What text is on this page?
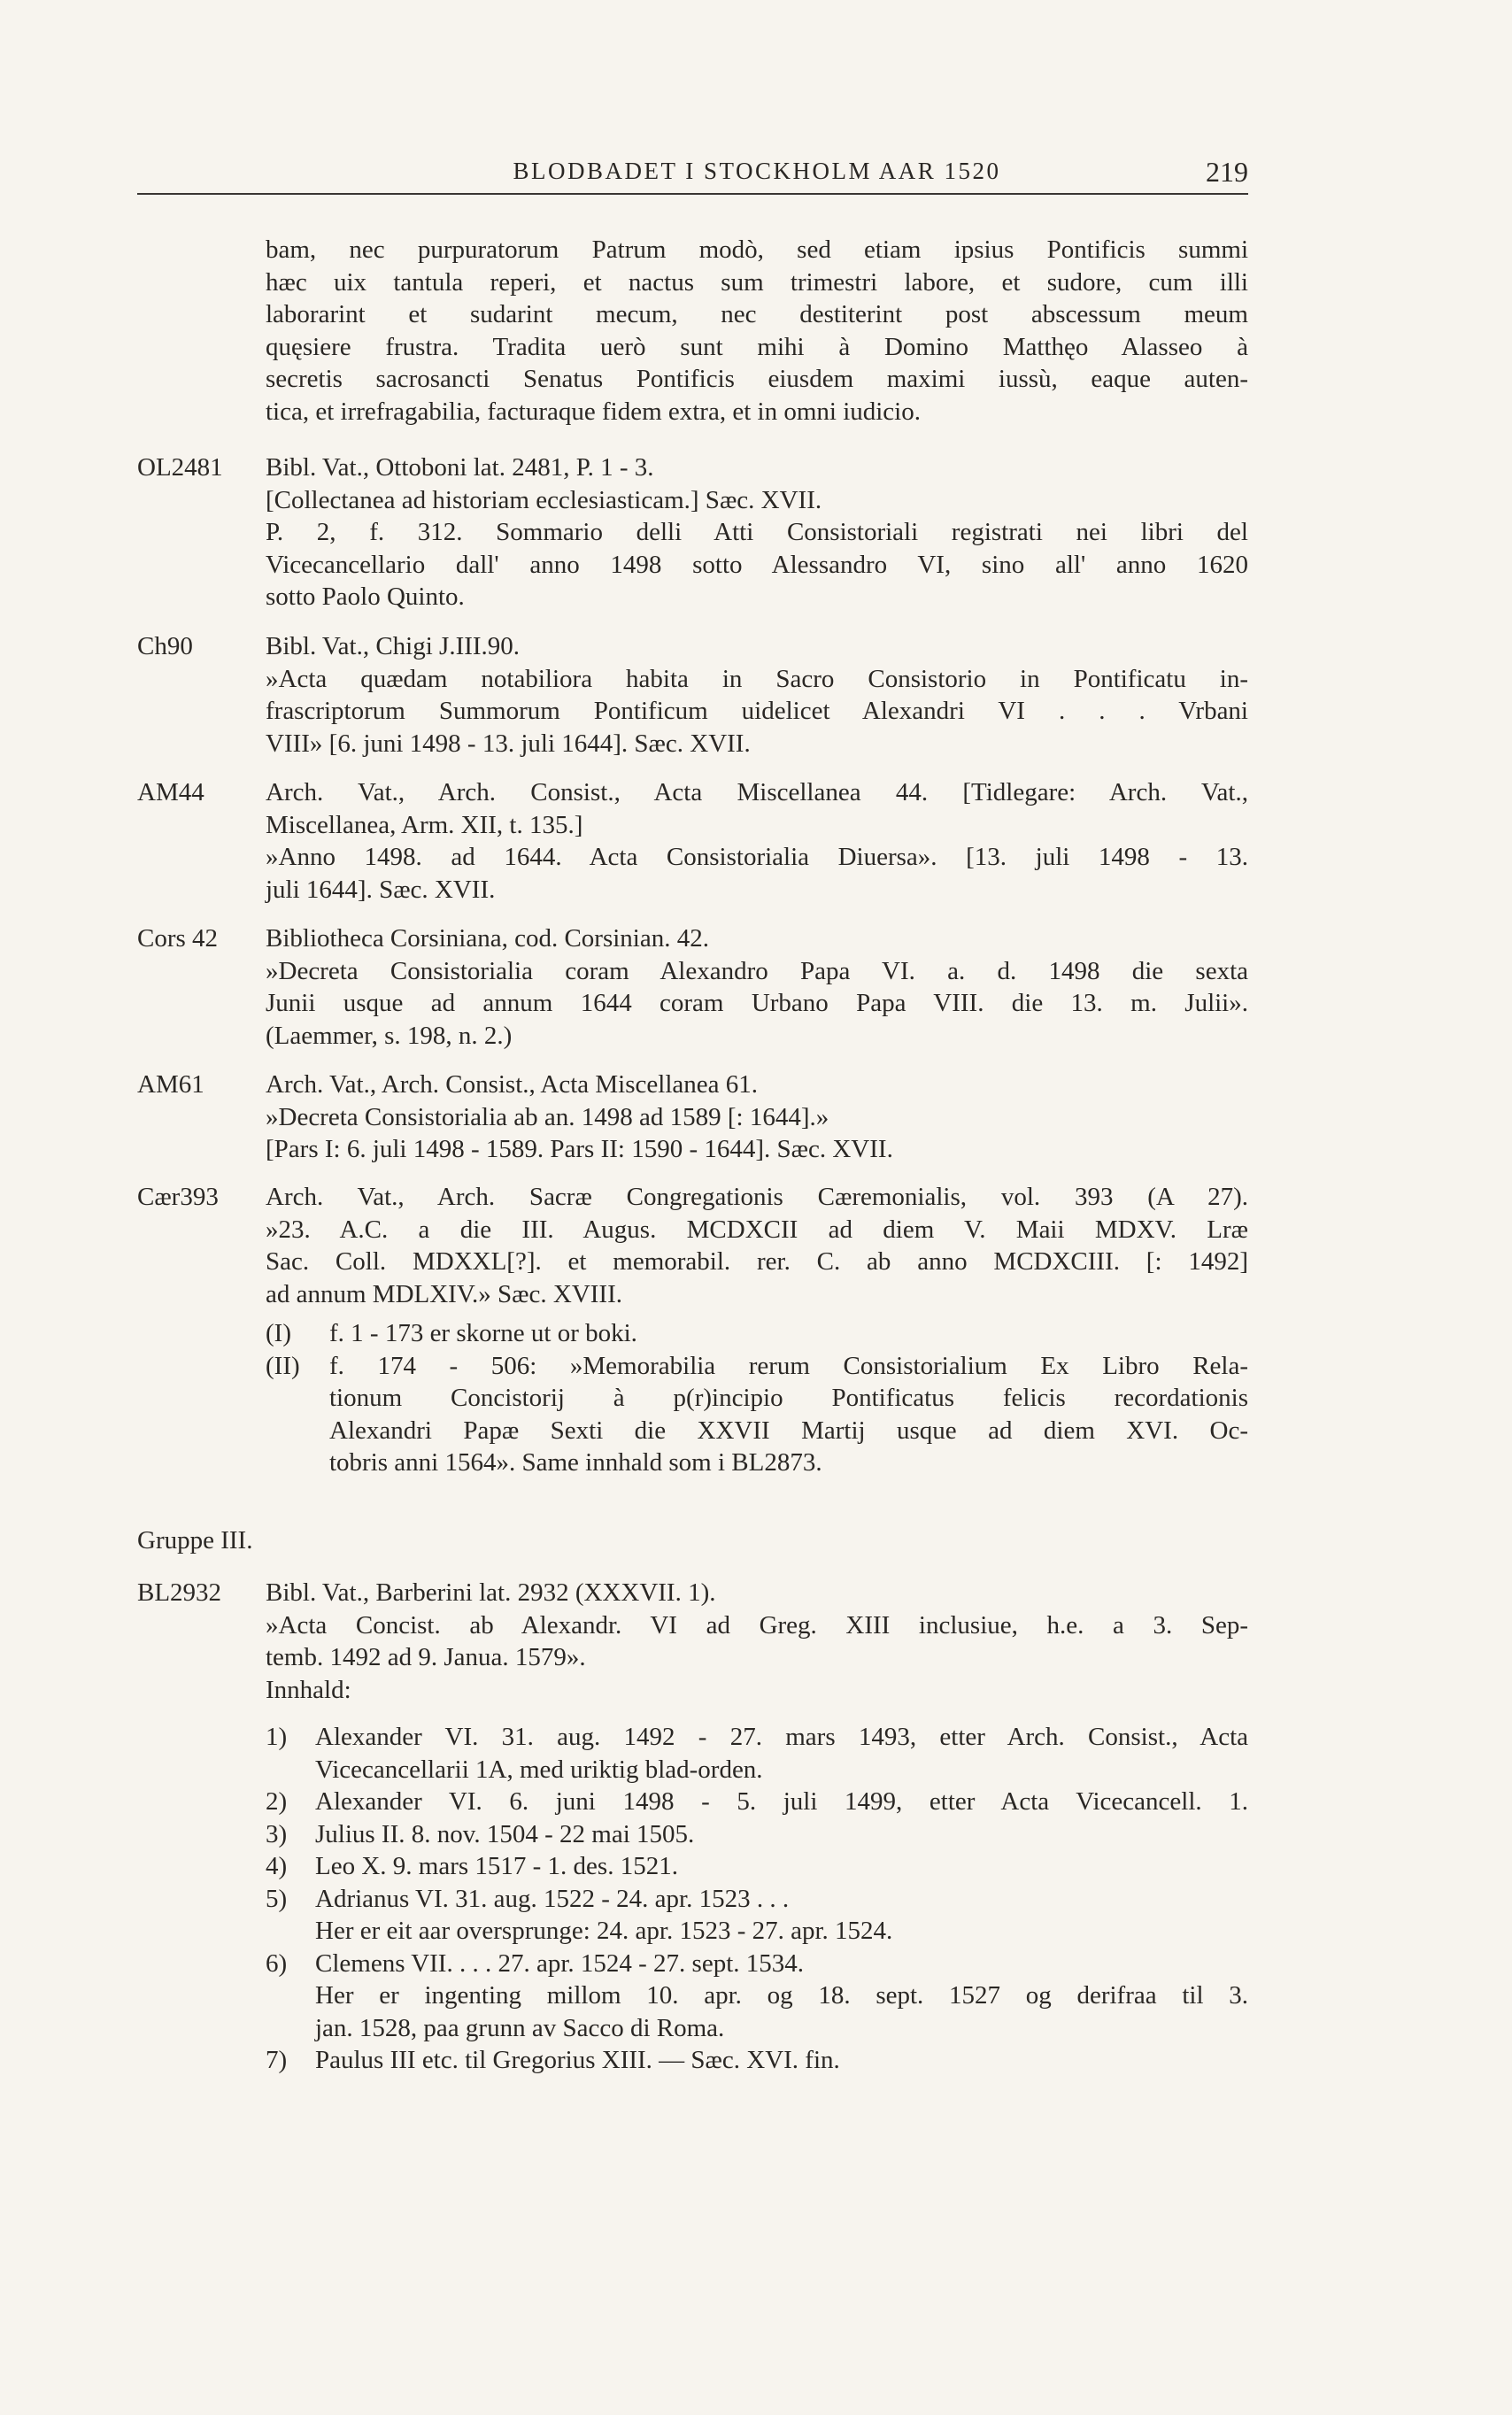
BLODBADET I STOCKHOLM AAR 1520	219
bam, nec purpuratorum Patrum modò, sed etiam ipsius Pontificis summi
hæc uix tantula reperi, et nactus sum trimestri labore, et sudore, cum illi
laborarint et sudarint mecum, nec destiterint post abscessum meum
quęsiere frustra. Tradita uerò sunt mihi à Domino Matthęo Alasseo à
secretis sacrosancti Senatus Pontificis eiusdem maximi iussù, eaque auten-
tica, et irrefragabilia, facturaque fidem extra, et in omni iudicio.
OL2481	Bibl. Vat., Ottoboni lat. 2481, P. 1 - 3.
[Collectanea ad historiam ecclesiasticam.] Sæc. XVII.
P. 2, f. 312. Sommario delli Atti Consistoriali registrati nei libri del
Vicecancellario dall' anno 1498 sotto Alessandro VI, sino all' anno 1620
sotto Paolo Quinto.
Ch90	Bibl. Vat., Chigi J.III.90.
»Acta quædam notabiliora habita in Sacro Consistorio in Pontificatu in-
frascriptorum Summorum Pontificum uidelicet Alexandri VI . . . Vrbani
VIII» [6. juni 1498 - 13. juli 1644]. Sæc. XVII.
AM44	Arch. Vat., Arch. Consist., Acta Miscellanea 44. [Tidlegare: Arch. Vat.,
Miscellanea, Arm. XII, t. 135.]
»Anno 1498. ad 1644. Acta Consistorialia Diuersa». [13. juli 1498 - 13.
juli 1644]. Sæc. XVII.
Cors 42	Bibliotheca Corsiniana, cod. Corsinian. 42.
»Decreta Consistorialia coram Alexandro Papa VI. a. d. 1498 die sexta
Junii usque ad annum 1644 coram Urbano Papa VIII. die 13. m. Julii».
(Laemmer, s. 198, n. 2.)
AM61	Arch. Vat., Arch. Consist., Acta Miscellanea 61.
»Decreta Consistorialia ab an. 1498 ad 1589 [: 1644].»
[Pars I: 6. juli 1498 - 1589. Pars II: 1590 - 1644]. Sæc. XVII.
Cær393	Arch. Vat., Arch. Sacræ Congregationis Cæremonialis, vol. 393 (A 27).
»23. A.C. a die III. Augus. MCDXCII ad diem V. Maii MDXV. Lræ
Sac. Coll. MDXXL[?]. et memorabil. rer. C. ab anno MCDXCIII. [: 1492]
ad annum MDLXIV.» Sæc. XVIII.
(I) f. 1 - 173 er skorne ut or boki.
(II) f. 174 - 506: »Memorabilia rerum Consistorialium Ex Libro Rela-
tionum Concistorij à p(r)incipio Pontificatus felicis recordationis
Alexandri Papæ Sexti die XXVII Martij usque ad diem XVI. Oc-
tobris anni 1564». Same innhald som i BL2873.
Gruppe III.
BL2932	Bibl. Vat., Barberini lat. 2932 (XXXVII. 1).
»Acta Concist. ab Alexandr. VI ad Greg. XIII inclusiue, h.e. a 3. Sep-
temb. 1492 ad 9. Janua. 1579».
Innhald:
1) Alexander VI. 31. aug. 1492 - 27. mars 1493, etter Arch. Consist., Acta
Vicecancellarii 1A, med uriktig blad-orden.
2) Alexander VI. 6. juni 1498 - 5. juli 1499, etter Acta Vicecancell. 1.
3) Julius II. 8. nov. 1504 - 22 mai 1505.
4) Leo X. 9. mars 1517 - 1. des. 1521.
5) Adrianus VI. 31. aug. 1522 - 24. apr. 1523 . . .
Her er eit aar oversprunge: 24. apr. 1523 - 27. apr. 1524.
6) Clemens VII. . . . 27. apr. 1524 - 27. sept. 1534.
Her er ingenting millom 10. apr. og 18. sept. 1527 og derifraa til 3.
jan. 1528, paa grunn av Sacco di Roma.
7) Paulus III etc. til Gregorius XIII. — Sæc. XVI. fin.
